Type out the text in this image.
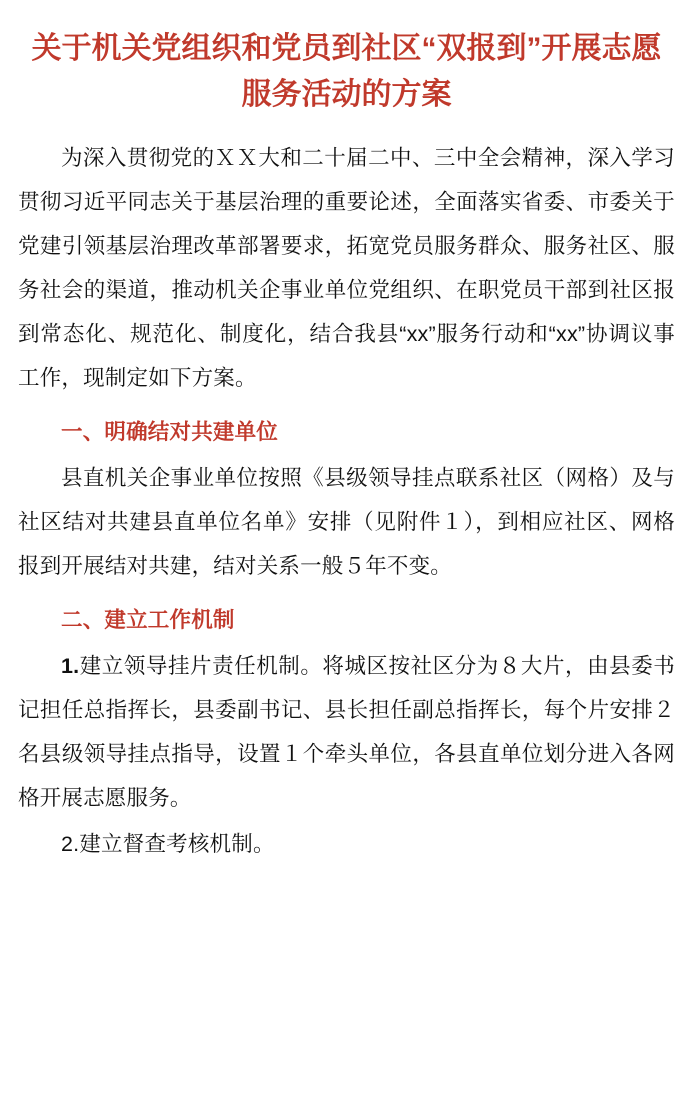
关于机关党组织和党员到社区“双报到”开展志愿服务活动的方案

为深入贯彻党的ＸＸ大和二十届二中、三中全会精神，深入学习贯彻习近平同志关于基层治理的重要论述，全面落实省委、市委关于党建引领基层治理改革部署要求，拓宽党员服务群众、服务社区、服务社会的渠道，推动机关企事业单位党组织、在职党员干部到社区报到常态化、规范化、制度化，结合我县“xx”服务行动和“xx”协调议事工作，现制定如下方案。

一、明确结对共建单位

县直机关企事业单位按照《县级领导挂点联系社区（网格）及与社区结对共建县直单位名单》安排（见附件１），到相应社区、网格报到开展结对共建，结对关系一般５年不变。

二、建立工作机制

1.建立领导挂片责任机制。将城区按社区分为８大片，由县委书记担任总指挥长，县委副书记、县长担任副总指挥长，每个片安排２名县级领导挂点指导，设置１个牵头单位，各县直单位划分进入各网格开展志愿服务。

2.建立督查考核机制。
